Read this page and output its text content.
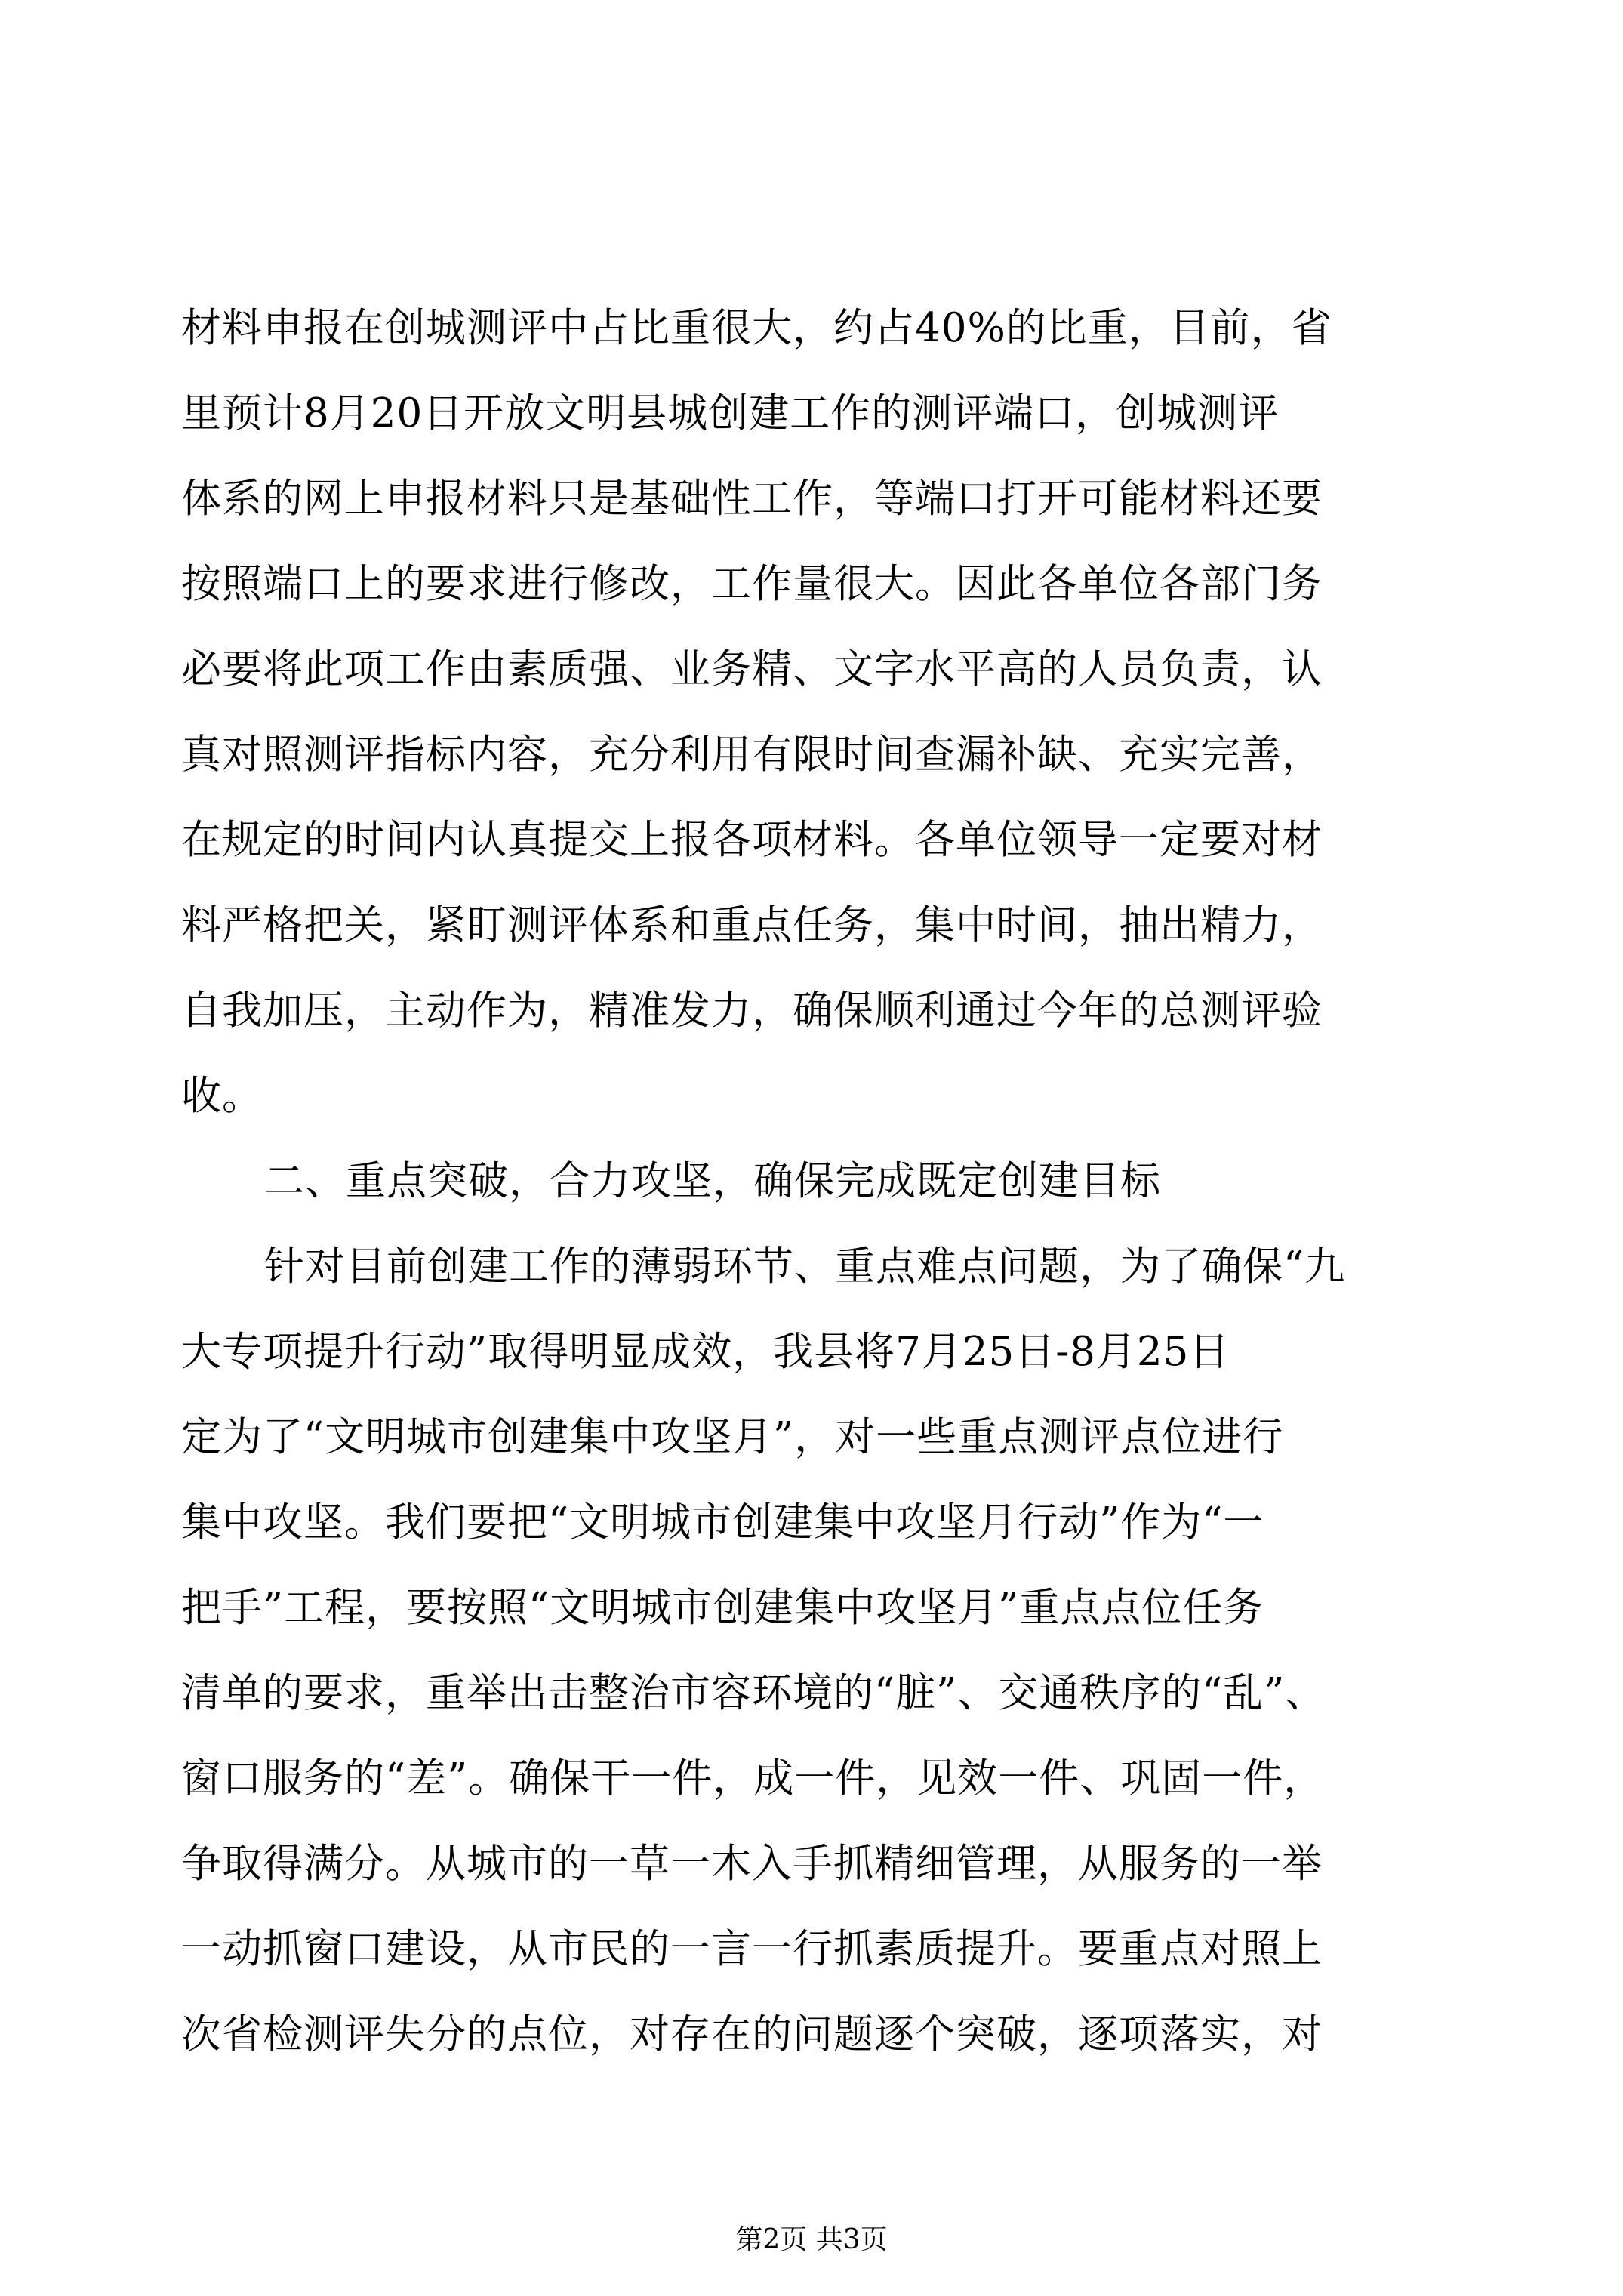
材料申报在创城测评中占比重很大，约占40%的比重，目前，省
里预计8月20日开放文明县城创建工作的测评端口，创城测评
体系的网上申报材料只是基础性工作，等端口打开可能材料还要
按照端口上的要求进行修改，工作量很大。因此各单位各部门务
必要将此项工作由素质强、业务精、文字水平高的人员负责，认
真对照测评指标内容，充分利用有限时间查漏补缺、充实完善，
在规定的时间内认真提交上报各项材料。各单位领导一定要对材
料严格把关，紧盯测评体系和重点任务，集中时间，抽出精力，
自我加压，主动作为，精准发力，确保顺利通过今年的总测评验
收。
二、重点突破，合力攻坚，确保完成既定创建目标
针对目前创建工作的薄弱环节、重点难点问题，为了确保“九
大专项提升行动”取得明显成效，我县将7月25日-8月25日
定为了“文明城市创建集中攻坚月”，对一些重点测评点位进行
集中攻坚。我们要把“文明城市创建集中攻坚月行动”作为“一
把手”工程，要按照“文明城市创建集中攻坚月”重点点位任务
清单的要求，重举出击整治市容环境的“脏”、交通秩序的“乱”、
窗口服务的“差”。确保干一件，成一件，见效一件、巩固一件，
争取得满分。从城市的一草一木入手抓精细管理，从服务的一举
一动抓窗口建设，从市民的一言一行抓素质提升。要重点对照上
次省检测评失分的点位，对存在的问题逐个突破，逐项落实，对
第2页 共3页
